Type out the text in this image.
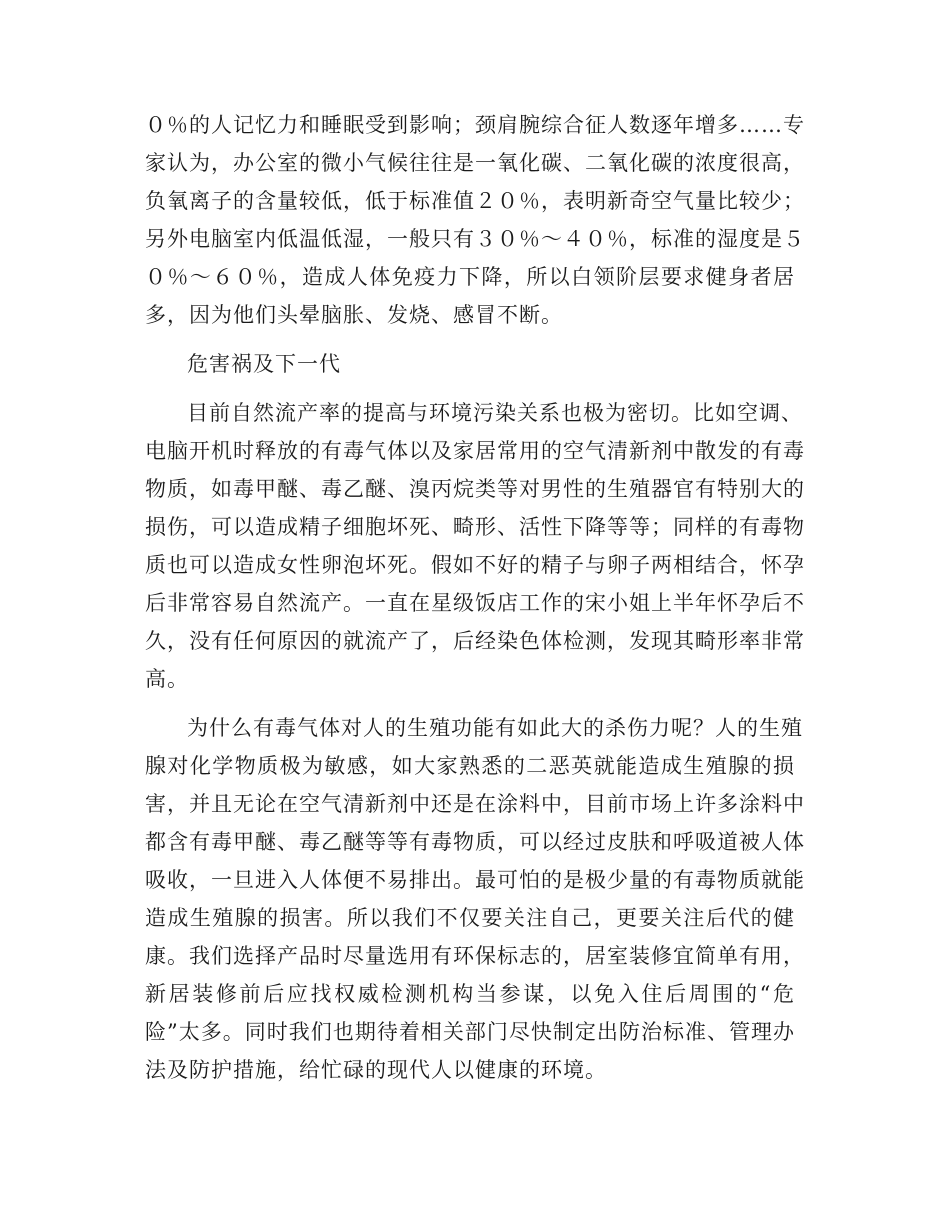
０％的人记忆力和睡眠受到影响；颈肩腕综合征人数逐年增多……专
家认为，办公室的微小气候往往是一氧化碳、二氧化碳的浓度很高，
负氧离子的含量较低，低于标准值２０％，表明新奇空气量比较少；
另外电脑室内低温低湿，一般只有３０％～４０％，标准的湿度是５
０％～６０％，造成人体免疫力下降，所以白领阶层要求健身者居
多，因为他们头晕脑胀、发烧、感冒不断。
危害祸及下一代
目前自然流产率的提高与环境污染关系也极为密切。比如空调、
电脑开机时释放的有毒气体以及家居常用的空气清新剂中散发的有毒
物质，如毒甲醚、毒乙醚、溴丙烷类等对男性的生殖器官有特别大的
损伤，可以造成精子细胞坏死、畸形、活性下降等等；同样的有毒物
质也可以造成女性卵泡坏死。假如不好的精子与卵子两相结合，怀孕
后非常容易自然流产。一直在星级饭店工作的宋小姐上半年怀孕后不
久，没有任何原因的就流产了，后经染色体检测，发现其畸形率非常
高。
为什么有毒气体对人的生殖功能有如此大的杀伤力呢？人的生殖
腺对化学物质极为敏感，如大家熟悉的二恶英就能造成生殖腺的损
害，并且无论在空气清新剂中还是在涂料中，目前市场上许多涂料中
都含有毒甲醚、毒乙醚等等有毒物质，可以经过皮肤和呼吸道被人体
吸收，一旦进入人体便不易排出。最可怕的是极少量的有毒物质就能
造成生殖腺的损害。所以我们不仅要关注自己，更要关注后代的健
康。我们选择产品时尽量选用有环保标志的，居室装修宜简单有用，
新居装修前后应找权威检测机构当参谋，以免入住后周围的“危
险”太多。同时我们也期待着相关部门尽快制定出防治标准、管理办
法及防护措施，给忙碌的现代人以健康的环境。
